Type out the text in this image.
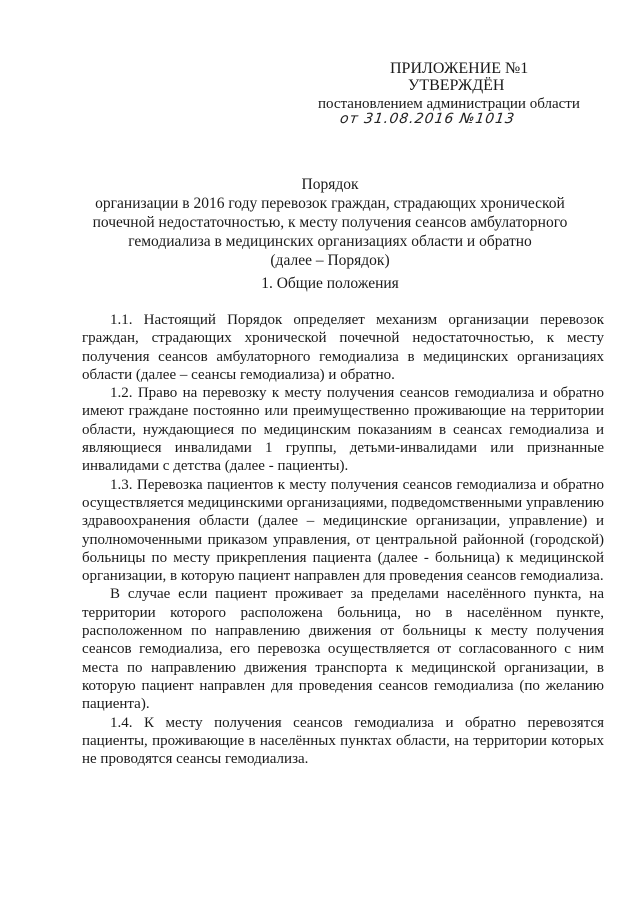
ПРИЛОЖЕНИЕ №1
УТВЕРЖДЁН
постановлением администрации области
от 31.08.2016 №1013
Порядок
организации в 2016 году перевозок граждан, страдающих хронической
почечной недостаточностью, к месту получения сеансов амбулаторного
гемодиализа в медицинских организациях области и обратно
(далее – Порядок)
1. Общие положения

1.1. Настоящий Порядок определяет механизм организации перевозок граждан, страдающих хронической почечной недостаточностью, к месту получения сеансов амбулаторного гемодиализа в медицинских организациях области (далее – сеансы гемодиализа) и обратно.

1.2. Право на перевозку к месту получения сеансов гемодиализа и обратно имеют граждане постоянно или преимущественно проживающие на территории области, нуждающиеся по медицинским показаниям в сеансах гемодиализа и являющиеся инвалидами 1 группы, детьми-инвалидами или признанные инвалидами с детства (далее - пациенты).

1.3. Перевозка пациентов к месту получения сеансов гемодиализа и обратно осуществляется медицинскими организациями, подведомственными управлению здравоохранения области (далее – медицинские организации, управление) и уполномоченными приказом управления, от центральной районной (городской) больницы по месту прикрепления пациента (далее - больница) к медицинской организации, в которую пациент направлен для проведения сеансов гемодиализа.

В случае если пациент проживает за пределами населённого пункта, на территории которого расположена больница, но в населённом пункте, расположенном по направлению движения от больницы к месту получения сеансов гемодиализа, его перевозка осуществляется от согласованного с ним места по направлению движения транспорта к медицинской организации, в которую пациент направлен для проведения сеансов гемодиализа (по желанию пациента).

1.4. К месту получения сеансов гемодиализа и обратно перевозятся пациенты, проживающие в населённых пунктах области, на территории которых не проводятся сеансы гемодиализа.
